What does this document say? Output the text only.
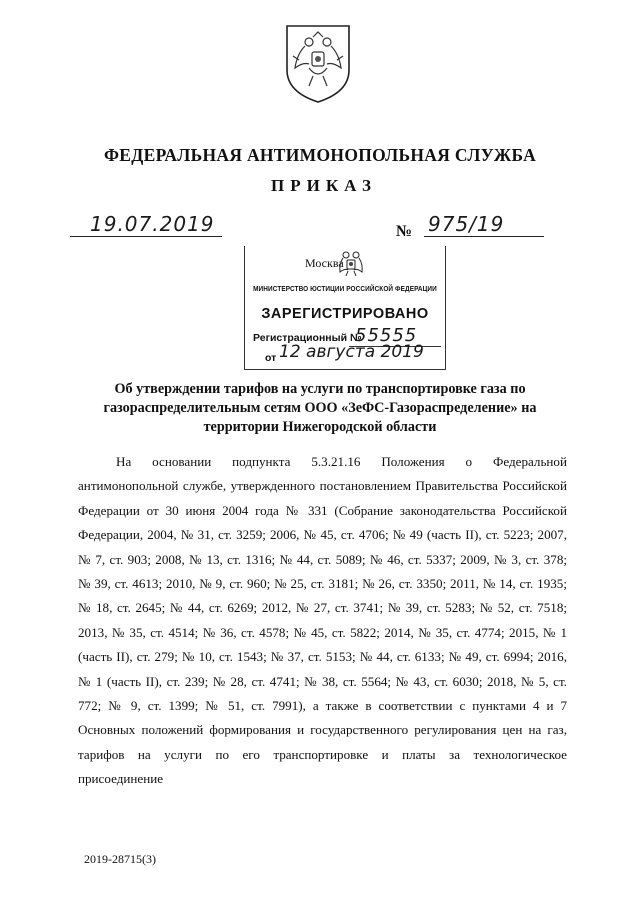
ФЕДЕРАЛЬНАЯ АНТИМОНОПОЛЬНАЯ СЛУЖБА
ПРИКАЗ
19.07.2019	№ 975/19
Москва
МИНИСТЕРСТВО ЮСТИЦИИ РОССИЙСКОЙ ФЕДЕРАЦИИ
ЗАРЕГИСТРИРОВАНО
Регистрационный №
55555
от 12 августа 2019
Об утверждении тарифов на услуги по транспортировке газа по газораспределительным сетям ООО «ЗеФС-Газораспределение» на территории Нижегородской области
На основании подпункта 5.3.21.16 Положения о Федеральной антимонопольной службе, утвержденного постановлением Правительства Российской Федерации от 30 июня 2004 года № 331 (Собрание законодательства Российской Федерации, 2004, № 31, ст. 3259; 2006, № 45, ст. 4706; № 49 (часть II), ст. 5223; 2007, № 7, ст. 903; 2008, № 13, ст. 1316; № 44, ст. 5089; № 46, ст. 5337; 2009, № 3, ст. 378; № 39, ст. 4613; 2010, № 9, ст. 960; № 25, ст. 3181; № 26, ст. 3350; 2011, № 14, ст. 1935; № 18, ст. 2645; № 44, ст. 6269; 2012, № 27, ст. 3741; № 39, ст. 5283; № 52, ст. 7518; 2013, № 35, ст. 4514; № 36, ст. 4578; № 45, ст. 5822; 2014, № 35, ст. 4774; 2015, № 1 (часть II), ст. 279; № 10, ст. 1543; № 37, ст. 5153; № 44, ст. 6133; № 49, ст. 6994; 2016, № 1 (часть II), ст. 239; № 28, ст. 4741; № 38, ст. 5564; № 43, ст. 6030; 2018, № 5, ст. 772; № 9, ст. 1399; № 51, ст. 7991), а также в соответствии с пунктами 4 и 7 Основных положений формирования и государственного регулирования цен на газ, тарифов на услуги по его транспортировке и платы за технологическое присоединение
2019-28715(3)
